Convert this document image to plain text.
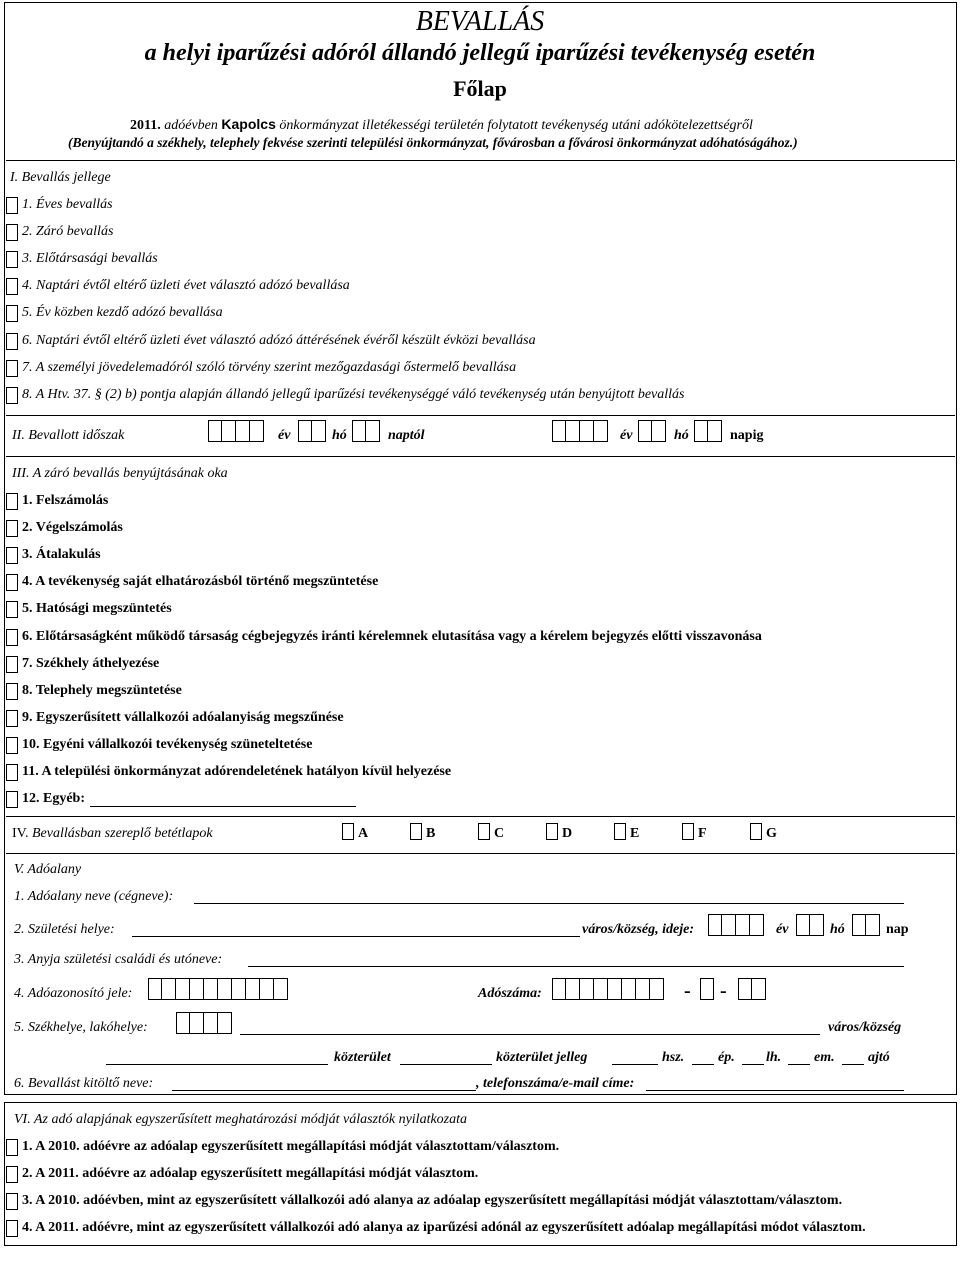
BEVALLÁS
a helyi iparűzési adóról állandó jellegű iparűzési tevékenység esetén
Főlap
2011. adóévben Kapolcs önkormányzat illetékességi területén folytatott tevékenység utáni adókötelezettségről
(Benyújtandó a székhely, telephely fekvése szerinti települési önkormányzat, fővárosban a fővárosi önkormányzat adóhatóságához.)
I. Bevallás jellege
1. Éves bevallás
2. Záró bevallás
3. Előtársasági bevallás
4. Naptári évtől eltérő üzleti évet választó adózó bevallása
5. Év közben kezdő adózó bevallása
6. Naptári évtől eltérő üzleti évet választó adózó áttérésének évéről készült évközi bevallása
7. A személyi jövedelemadóról szóló törvény szerint mezőgazdasági őstermelő bevallása
8. A Htv. 37. § (2) b) pontja alapján állandó jellegű iparűzési tevékenységgé váló tevékenység után benyújtott bevallás
II. Bevallott időszak	év	hó	naptól	év	hó	napig
III. A záró bevallás benyújtásának oka
1. Felszámolás
2. Végelszámolás
3. Átalakulás
4. A tevékenység saját elhatározásból történő megszüntetése
5. Hatósági megszüntetés
6. Előtársaságként működő társaság cégbejegyzés iránti kérelemnek elutasítása vagy a kérelem bejegyzés előtti visszavonása
7. Székhely áthelyezése
8. Telephely megszüntetése
9. Egyszerűsített vállalkozói adóalanyiság megszűnése
10. Egyéni vállalkozói tevékenység szüneteltetése
11. A települési önkormányzat adórendeletének hatályon kívül helyezése
12. Egyéb:
IV. Bevallásban szereplő betétlapok	A	B	C	D	E	F	G
V. Adóalany
1. Adóalany neve (cégneve):
2. Születési helye:	város/község, ideje:	év	hó	nap
3. Anyja születési családi és utóneve:
4. Adóazonosító jele:	Adószáma:	- -
5. Székhelye, lakóhelye:	város/község
közterület	közterület jelleg	hsz. ép. lh. em. ajtó
6. Bevallást kitöltő neve:	, telefonszáma/e-mail címe:
VI. Az adó alapjának egyszerűsített meghatározási módját választók nyilatkozata
1. A 2010. adóévre az adóalap egyszerűsített megállapítási módját választottam/választom.
2. A 2011. adóévre az adóalap egyszerűsített megállapítási módját választom.
3. A 2010. adóévben, mint az egyszerűsített vállalkozói adó alanya az adóalap egyszerűsített megállapítási módját választottam/választom.
4. A 2011. adóévre, mint az egyszerűsített vállalkozói adó alanya az iparűzési adónál az egyszerűsített adóalap megállapítási módot választom.
